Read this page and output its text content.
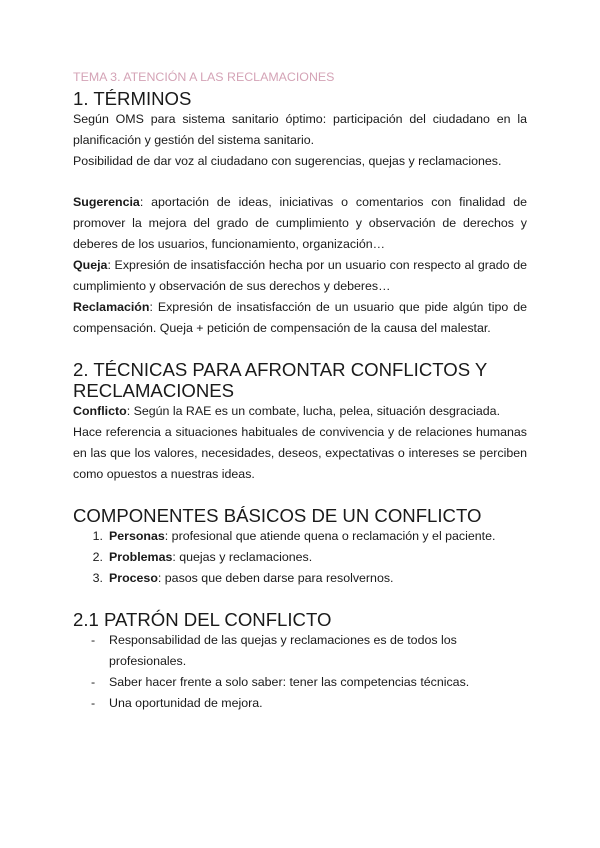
TEMA 3. ATENCIÓN A LAS RECLAMACIONES
1. TÉRMINOS

Según OMS para sistema sanitario óptimo: participación del ciudadano en la planificación y gestión del sistema sanitario.

Posibilidad de dar voz al ciudadano con sugerencias, quejas y reclamaciones.

Sugerencia: aportación de ideas, iniciativas o comentarios con finalidad de promover la mejora del grado de cumplimiento y observación de derechos y deberes de los usuarios, funcionamiento, organización…

Queja: Expresión de insatisfacción hecha por un usuario con respecto al grado de cumplimiento y observación de sus derechos y deberes…

Reclamación: Expresión de insatisfacción de un usuario que pide algún tipo de compensación. Queja + petición de compensación de la causa del malestar.

2. TÉCNICAS PARA AFRONTAR CONFLICTOS Y RECLAMACIONES

Conflicto: Según la RAE es un combate, lucha, pelea, situación desgraciada.

Hace referencia a situaciones habituales de convivencia y de relaciones humanas en las que los valores, necesidades, deseos, expectativas o intereses se perciben como opuestos a nuestras ideas.

COMPONENTES BÁSICOS DE UN CONFLICTO
1. Personas: profesional que atiende quena o reclamación y el paciente.
2. Problemas: quejas y reclamaciones.
3. Proceso: pasos que deben darse para resolvernos.
2.1 PATRÓN DEL CONFLICTO
-	Responsabilidad de las quejas y reclamaciones es de todos los profesionales.
-	Saber hacer frente a solo saber: tener las competencias técnicas.
-	Una oportunidad de mejora.
